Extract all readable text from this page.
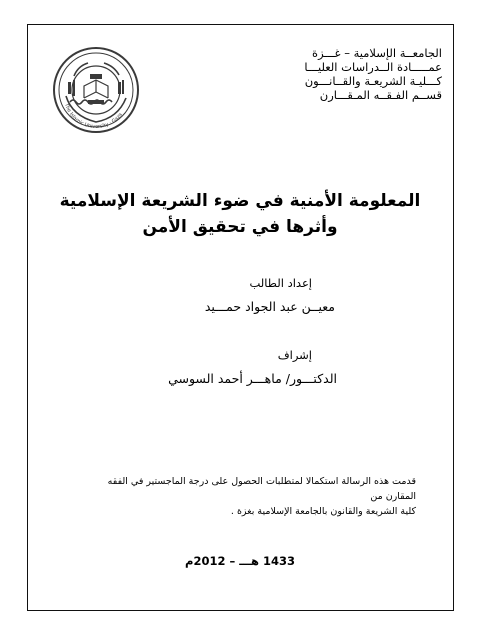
الجامعــة الإسلامية – غـــزة
عمـــــادة الــدراسات العليـــا
كـــليـة الشريعـة والقــانـــون
قســم الفـقــه المـقـــارن
The Islamic University · Gaza
المعلومة الأمنية في ضوء الشريعة الإسلامية
وأثرها في تحقيق الأمن
إعداد الطالب
معيــن عبد الجواد حمـــيد
إشراف
الدكتـــور/ ماهـــر أحمد السوسي
قدمت هذه الرسالة استكمالا لمتطلبات الحصول على درجة الماجستير في الفقه المقارن من
كلية الشريعة والقانون بالجامعة الإسلامية بغزة .
1433 هـــ – 2012م
